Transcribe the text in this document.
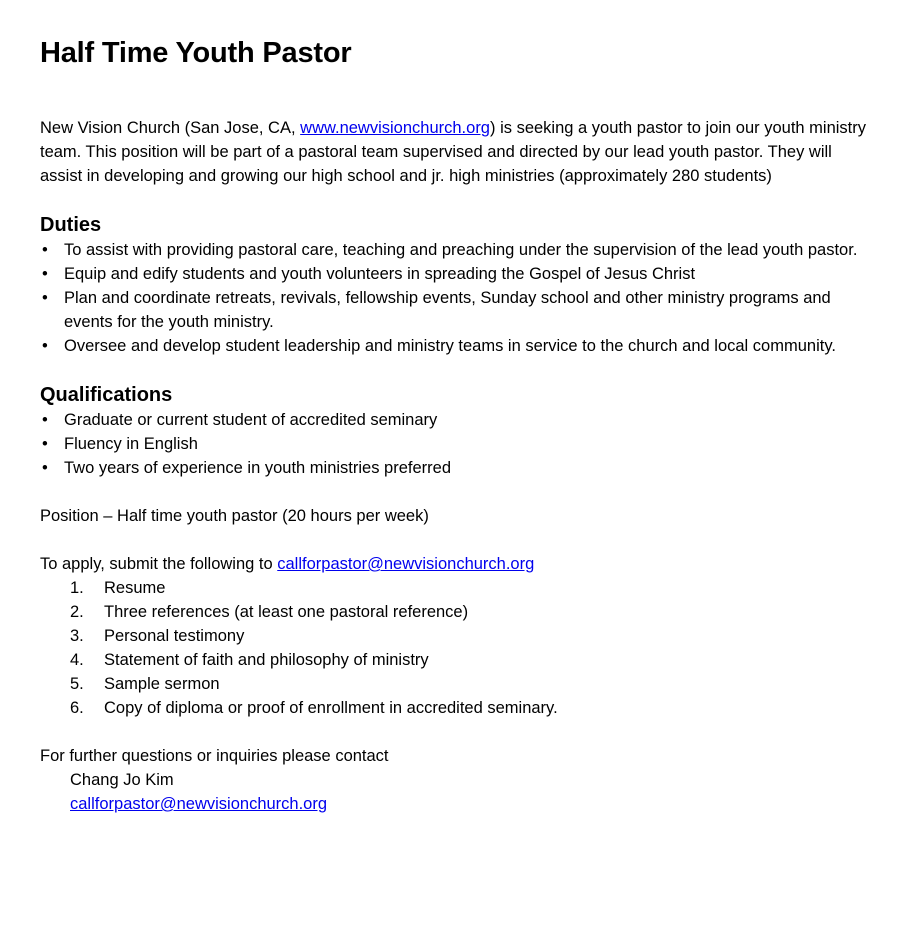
Half Time Youth Pastor

New Vision Church (San Jose, CA, www.newvisionchurch.org) is seeking a youth pastor to join our youth ministry team. This position will be part of a pastoral team supervised and directed by our lead youth pastor. They will assist in developing and growing our high school and jr. high ministries (approximately 280 students)

Duties
• To assist with providing pastoral care, teaching and preaching under the supervision of the lead youth pastor.
• Equip and edify students and youth volunteers in spreading the Gospel of Jesus Christ
• Plan and coordinate retreats, revivals, fellowship events, Sunday school and other ministry programs and events for the youth ministry.
• Oversee and develop student leadership and ministry teams in service to the church and local community.
Qualifications
• Graduate or current student of accredited seminary
• Fluency in English
• Two years of experience in youth ministries preferred

Position – Half time youth pastor (20 hours per week)

To apply, submit the following to callforpastor@newvisionchurch.org

1. Resume
2. Three references (at least one pastoral reference)
3. Personal testimony
4. Statement of faith and philosophy of ministry
5. Sample sermon
6. Copy of diploma or proof of enrollment in accredited seminary.

For further questions or inquiries please contact

Chang Jo Kim

callforpastor@newvisionchurch.org
